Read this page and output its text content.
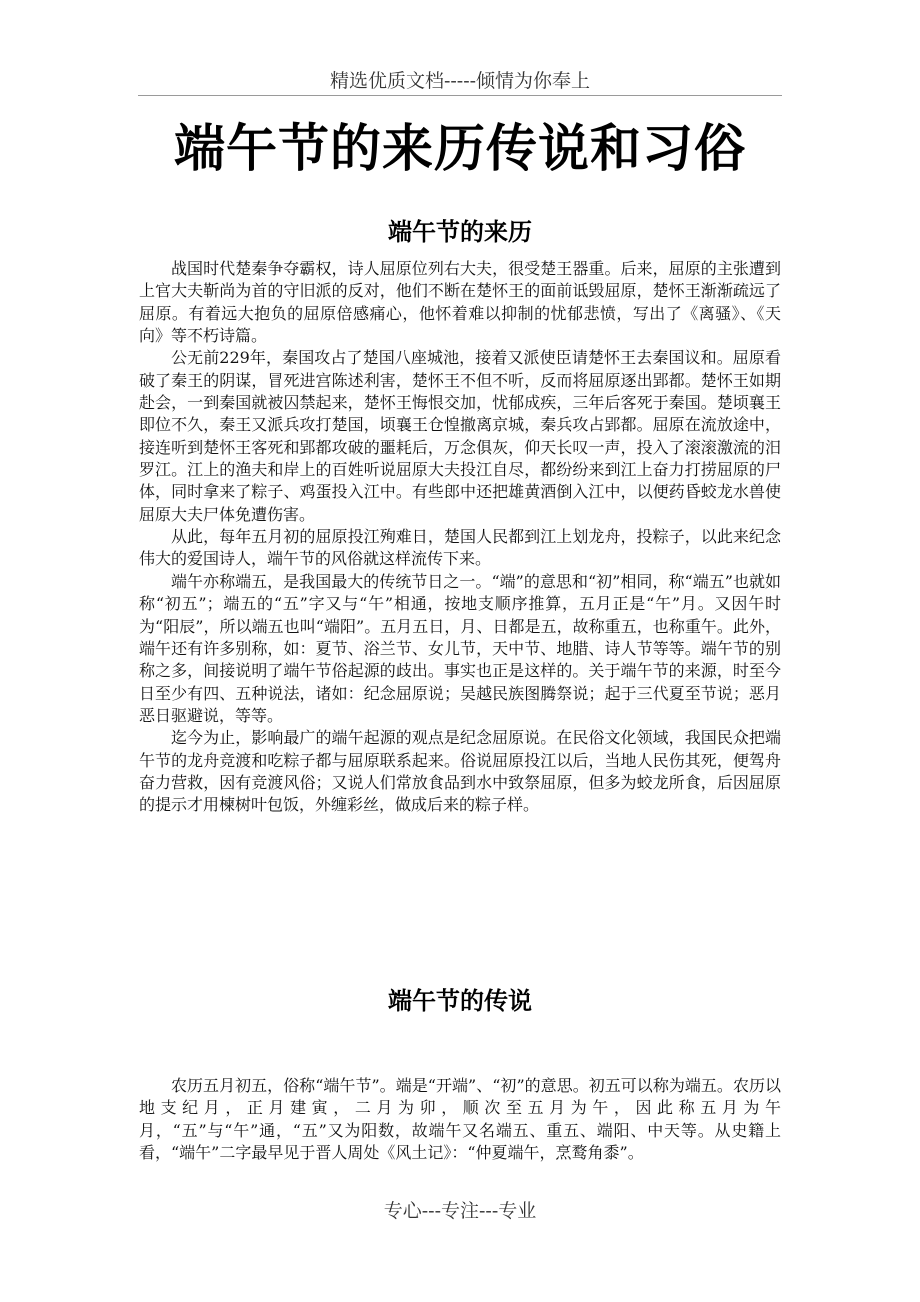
精选优质文档-----倾情为你奉上
端午节的来历传说和习俗
端午节的来历

战国时代楚秦争夺霸权，诗人屈原位列右大夫，很受楚王器重。后来，屈原的主张遭到上官大夫靳尚为首的守旧派的反对，他们不断在楚怀王的面前诋毁屈原，楚怀王渐渐疏远了屈原。有着远大抱负的屈原倍感痛心，他怀着难以抑制的忧郁悲愤，写出了《离骚》、《天向》等不朽诗篇。

公无前229年，秦国攻占了楚国八座城池，接着又派使臣请楚怀王去秦国议和。屈原看破了秦王的阴谋，冒死进宫陈述利害，楚怀王不但不听，反而将屈原逐出郢都。楚怀王如期赴会，一到秦国就被囚禁起来，楚怀王悔恨交加，忧郁成疾，三年后客死于秦国。楚顷襄王即位不久，秦王又派兵攻打楚国，顷襄王仓惶撤离京城，秦兵攻占郢都。屈原在流放途中，接连听到楚怀王客死和郢都攻破的噩耗后，万念俱灰，仰天长叹一声，投入了滚滚激流的汨罗江。江上的渔夫和岸上的百姓听说屈原大夫投江自尽，都纷纷来到江上奋力打捞屈原的尸体，同时拿来了粽子、鸡蛋投入江中。有些郎中还把雄黄酒倒入江中，以便药昏蛟龙水兽使屈原大夫尸体免遭伤害。

从此，每年五月初的屈原投江殉难日，楚国人民都到江上划龙舟，投粽子，以此来纪念伟大的爱国诗人，端午节的风俗就这样流传下来。

端午亦称端五，是我国最大的传统节日之一。“端”的意思和“初”相同，称“端五”也就如称“初五”；端五的“五”字又与“午”相通，按地支顺序推算，五月正是“午”月。又因午时为“阳辰”，所以端五也叫“端阳”。五月五日，月、日都是五，故称重五，也称重午。此外，端午还有许多别称，如：夏节、浴兰节、女儿节，天中节、地腊、诗人节等等。端午节的别称之多，间接说明了端午节俗起源的歧出。事实也正是这样的。关于端午节的来源，时至今日至少有四、五种说法，诸如：纪念屈原说；吴越民族图腾祭说；起于三代夏至节说；恶月恶日驱避说，等等。

迄今为止，影响最广的端午起源的观点是纪念屈原说。在民俗文化领域，我国民众把端午节的龙舟竞渡和吃粽子都与屈原联系起来。俗说屈原投江以后，当地人民伤其死，便驾舟奋力营救，因有竞渡风俗；又说人们常放食品到水中致祭屈原，但多为蛟龙所食，后因屈原的提示才用楝树叶包饭，外缠彩丝，做成后来的粽子样。

端午节的传说

农历五月初五，俗称“端午节”。端是“开端”、“初”的意思。初五可以称为端五。农历以地支纪月，正月建寅，二月为卯，顺次至五月为午，因此称五月为午月，“五”与“午”通，“五”又为阳数，故端午又名端五、重五、端阳、中天等。从史籍上看，“端午”二字最早见于晋人周处《风土记》：“仲夏端午，烹鹜角黍”。

专心---专注---专业
